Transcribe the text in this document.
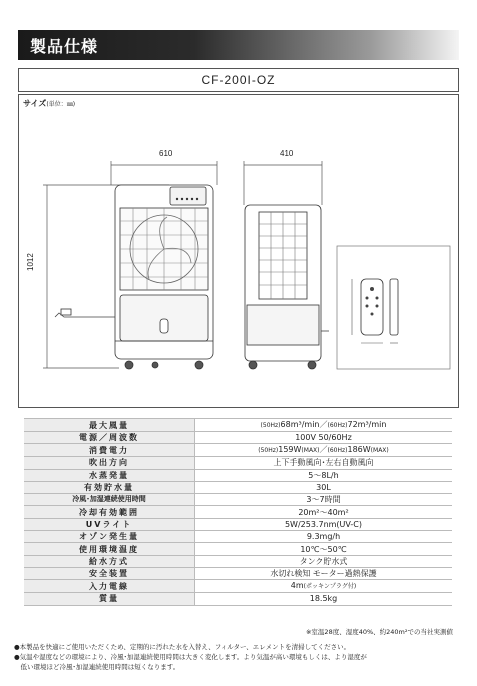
製品仕様
CF-200I-OZ
サイズ(単位：㎜)
610	410
1012
最大風量	(50Hz)68m³/min／(60Hz)72m³/min
電源／周波数	100V 50/60Hz
消費電力	(50Hz)159W(MAX)／(60Hz)186W(MAX)
吹出方向	上下手動風向･左右自動風向
水蒸発量	5～8L/h
有効貯水量	30L
冷風･加湿連続使用時間	3～7時間
冷却有効範囲	20m²～40m²
UVライト	5W/253.7nm(UV-C)
オゾン発生量	9.3mg/h
使用環境温度	10℃～50℃
給水方式	タンク貯水式
安全装置	水切れ検知 モーター過熱保護
入力電線	4m(ポッキンプラグ付)
質量	18.5kg
※室温28度、湿度40%、約240m²での当社実測値

●本製品を快適にご使用いただくため、定期的に汚れた水を入替え、フィルター、エレメントを清掃してください。

●気温や湿度などの環境により、冷風･加湿連続使用時間は大きく変化します。より気温が高い環境もしくは、より湿度が

　低い環境ほど冷風･加湿連続使用時間は短くなります。
